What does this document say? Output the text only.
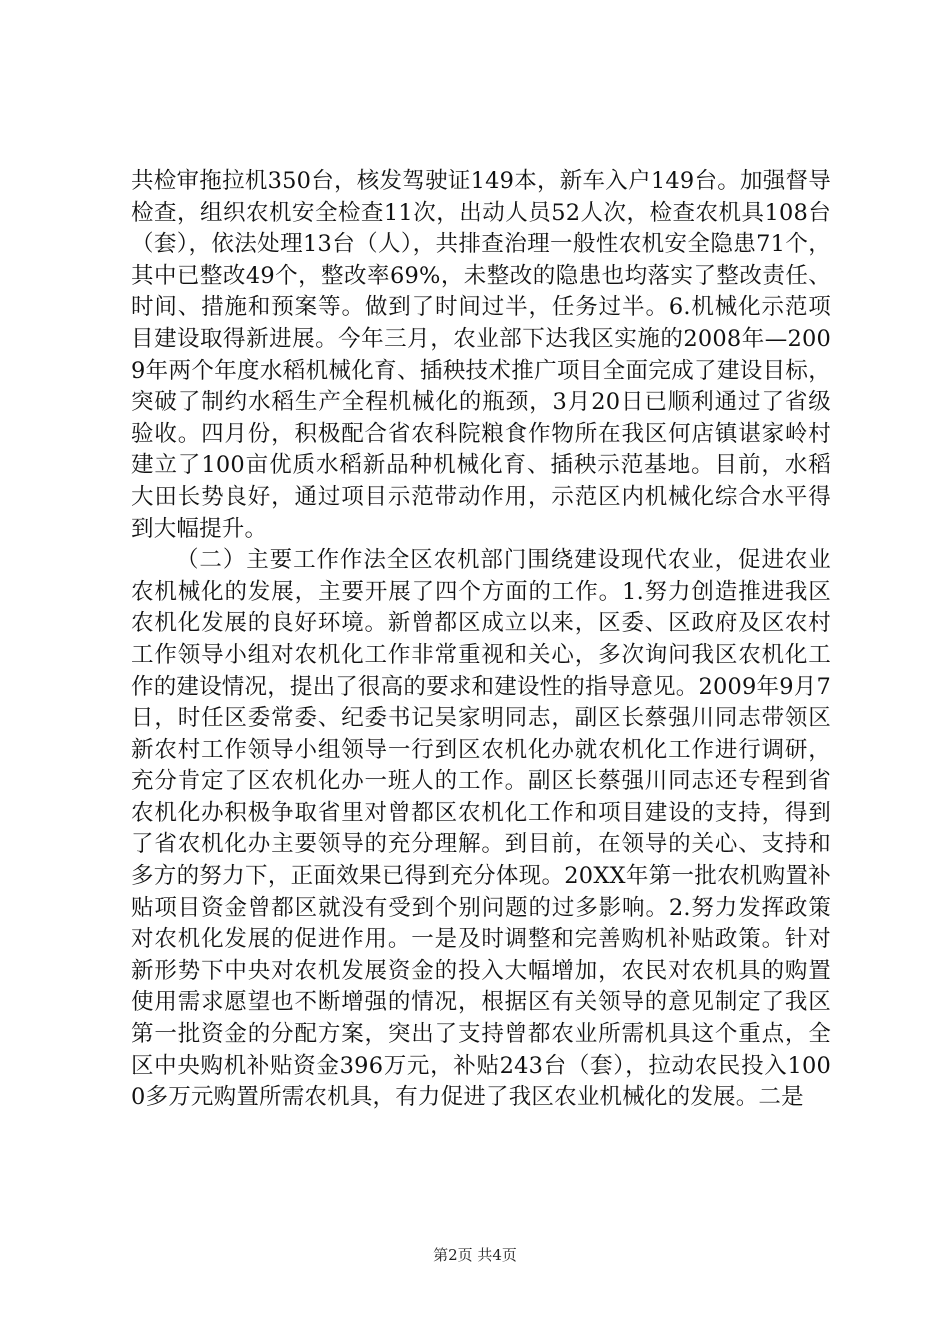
共检审拖拉机350台，核发驾驶证149本，新车入户149台。加强督导检查，组织农机安全检查11次，出动人员52人次，检查农机具108台（套），依法处理13台（人），共排查治理一般性农机安全隐患71个，其中已整改49个，整改率69%，未整改的隐患也均落实了整改责任、时间、措施和预案等。做到了时间过半，任务过半。6.机械化示范项目建设取得新进展。今年三月，农业部下达我区实施的2008年—2009年两个年度水稻机械化育、插秧技术推广项目全面完成了建设目标，突破了制约水稻生产全程机械化的瓶颈，3月20日已顺利通过了省级验收。四月份，积极配合省农科院粮食作物所在我区何店镇谌家岭村建立了100亩优质水稻新品种机械化育、插秧示范基地。目前，水稻大田长势良好，通过项目示范带动作用，示范区内机械化综合水平得到大幅提升。

（二）主要工作作法全区农机部门围绕建设现代农业，促进农业农机械化的发展，主要开展了四个方面的工作。1.努力创造推进我区农机化发展的良好环境。新曾都区成立以来，区委、区政府及区农村工作领导小组对农机化工作非常重视和关心，多次询问我区农机化工作的建设情况，提出了很高的要求和建设性的指导意见。2009年9月7日，时任区委常委、纪委书记吴家明同志，副区长蔡强川同志带领区新农村工作领导小组领导一行到区农机化办就农机化工作进行调研，充分肯定了区农机化办一班人的工作。副区长蔡强川同志还专程到省农机化办积极争取省里对曾都区农机化工作和项目建设的支持，得到了省农机化办主要领导的充分理解。到目前，在领导的关心、支持和多方的努力下，正面效果已得到充分体现。20XX年第一批农机购置补贴项目资金曾都区就没有受到个别问题的过多影响。2.努力发挥政策对农机化发展的促进作用。一是及时调整和完善购机补贴政策。针对新形势下中央对农机发展资金的投入大幅增加，农民对农机具的购置使用需求愿望也不断增强的情况，根据区有关领导的意见制定了我区第一批资金的分配方案，突出了支持曾都农业所需机具这个重点，全区中央购机补贴资金396万元，补贴243台（套），拉动农民投入1000多万元购置所需农机具，有力促进了我区农业机械化的发展。二是

第2页 共4页
